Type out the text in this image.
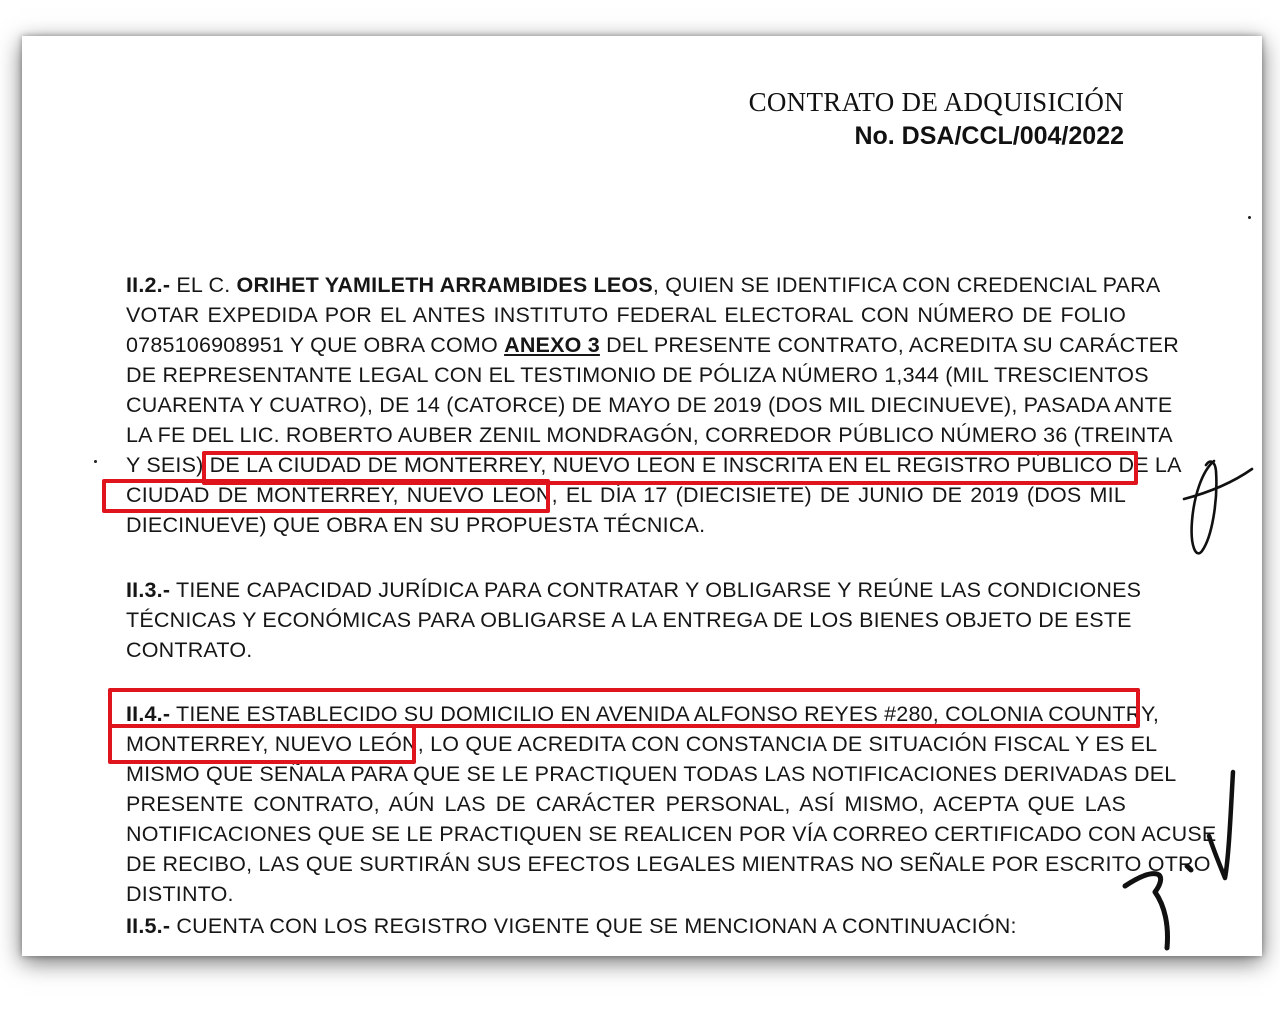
CONTRATO DE ADQUISICIÓN
No. DSA/CCL/004/2022
II.2.- EL C. ORIHET YAMILETH ARRAMBIDES LEOS, QUIEN SE IDENTIFICA CON CREDENCIAL PARA
VOTAR EXPEDIDA POR EL ANTES INSTITUTO FEDERAL ELECTORAL CON NÚMERO DE FOLIO
0785106908951 Y QUE OBRA COMO ANEXO 3 DEL PRESENTE CONTRATO, ACREDITA SU CARÁCTER
DE REPRESENTANTE LEGAL CON EL TESTIMONIO DE PÓLIZA NÚMERO 1,344 (MIL TRESCIENTOS
CUARENTA Y CUATRO), DE 14 (CATORCE) DE MAYO DE 2019 (DOS MIL DIECINUEVE), PASADA ANTE
LA FE DEL LIC. ROBERTO AUBER ZENIL MONDRAGÓN, CORREDOR PÚBLICO NÚMERO 36 (TREINTA
Y SEIS) DE LA CIUDAD DE MONTERREY, NUEVO LEON E INSCRITA EN EL REGISTRO PÚBLICO DE LA
CIUDAD DE MONTERREY, NUEVO LEON, EL DÍA 17 (DIECISIETE) DE JUNIO DE 2019 (DOS MIL
DIECINUEVE) QUE OBRA EN SU PROPUESTA TÉCNICA.
II.3.- TIENE CAPACIDAD JURÍDICA PARA CONTRATAR Y OBLIGARSE Y REÚNE LAS CONDICIONES
TÉCNICAS Y ECONÓMICAS PARA OBLIGARSE A LA ENTREGA DE LOS BIENES OBJETO DE ESTE
CONTRATO.
II.4.- TIENE ESTABLECIDO SU DOMICILIO EN AVENIDA ALFONSO REYES #280, COLONIA COUNTRY,
MONTERREY, NUEVO LEÓN, LO QUE ACREDITA CON CONSTANCIA DE SITUACIÓN FISCAL Y ES EL
MISMO QUE SEÑALA PARA QUE SE LE PRACTIQUEN TODAS LAS NOTIFICACIONES DERIVADAS DEL
PRESENTE CONTRATO, AÚN LAS DE CARÁCTER PERSONAL, ASÍ MISMO, ACEPTA QUE LAS
NOTIFICACIONES QUE SE LE PRACTIQUEN SE REALICEN POR VÍA CORREO CERTIFICADO CON ACUSE
DE RECIBO, LAS QUE SURTIRÁN SUS EFECTOS LEGALES MIENTRAS NO SEÑALE POR ESCRITO OTRO
DISTINTO.
II.5.- CUENTA CON LOS REGISTRO VIGENTE QUE SE MENCIONAN A CONTINUACIÓN:
